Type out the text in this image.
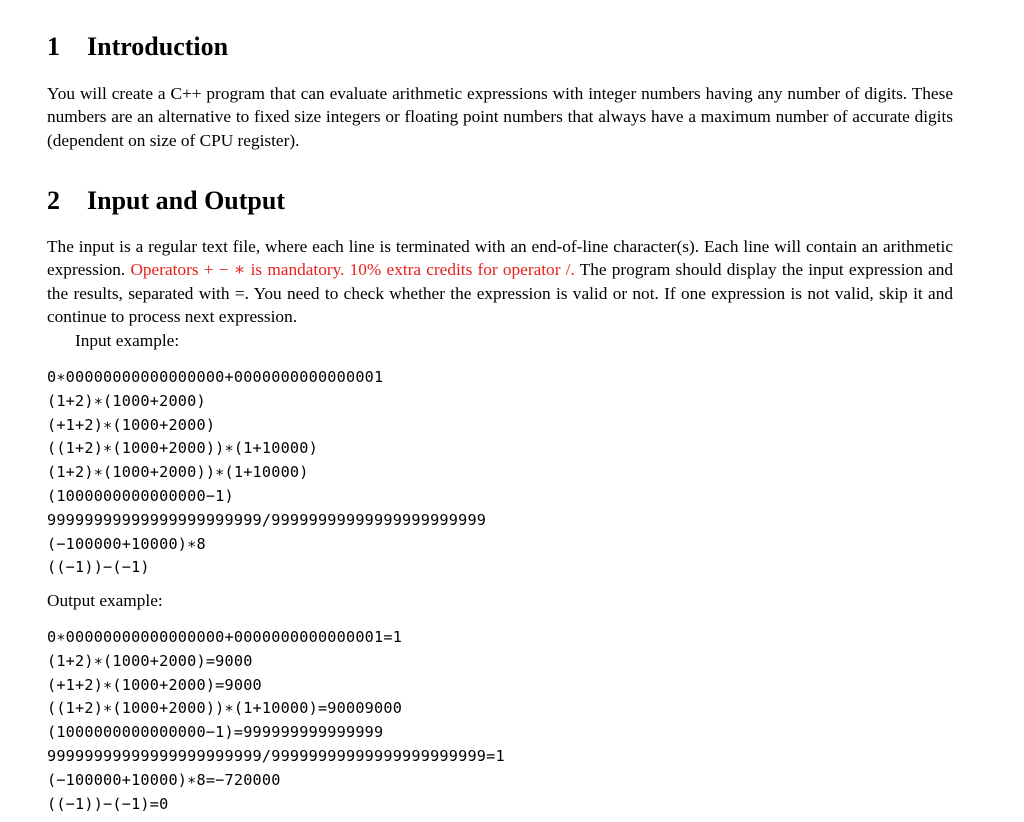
1 Introduction
You will create a C++ program that can evaluate arithmetic expressions with integer numbers having any number of digits. These numbers are an alternative to fixed size integers or floating point numbers that always have a maximum number of accurate digits (dependent on size of CPU register).
2 Input and Output
The input is a regular text file, where each line is terminated with an end-of-line character(s). Each line will contain an arithmetic expression. Operators + − ∗ is mandatory. 10% extra credits for operator /. The program should display the input expression and the results, separated with =. You need to check whether the expression is valid or not. If one expression is not valid, skip it and continue to process next expression.
Input example:
0∗00000000000000000+0000000000000001
(1+2)∗(1000+2000)
(+1+2)∗(1000+2000)
((1+2)∗(1000+2000))∗(1+10000)
(1+2)∗(1000+2000))∗(1+10000)
(1000000000000000−1)
99999999999999999999999/99999999999999999999999
(−100000+10000)∗8
((−1))−(−1)
Output example:
0∗00000000000000000+0000000000000001=1
(1+2)∗(1000+2000)=9000
(+1+2)∗(1000+2000)=9000
((1+2)∗(1000+2000))∗(1+10000)=90009000
(1000000000000000−1)=999999999999999
99999999999999999999999/99999999999999999999999=1
(−100000+10000)∗8=−720000
((−1))−(−1)=0
